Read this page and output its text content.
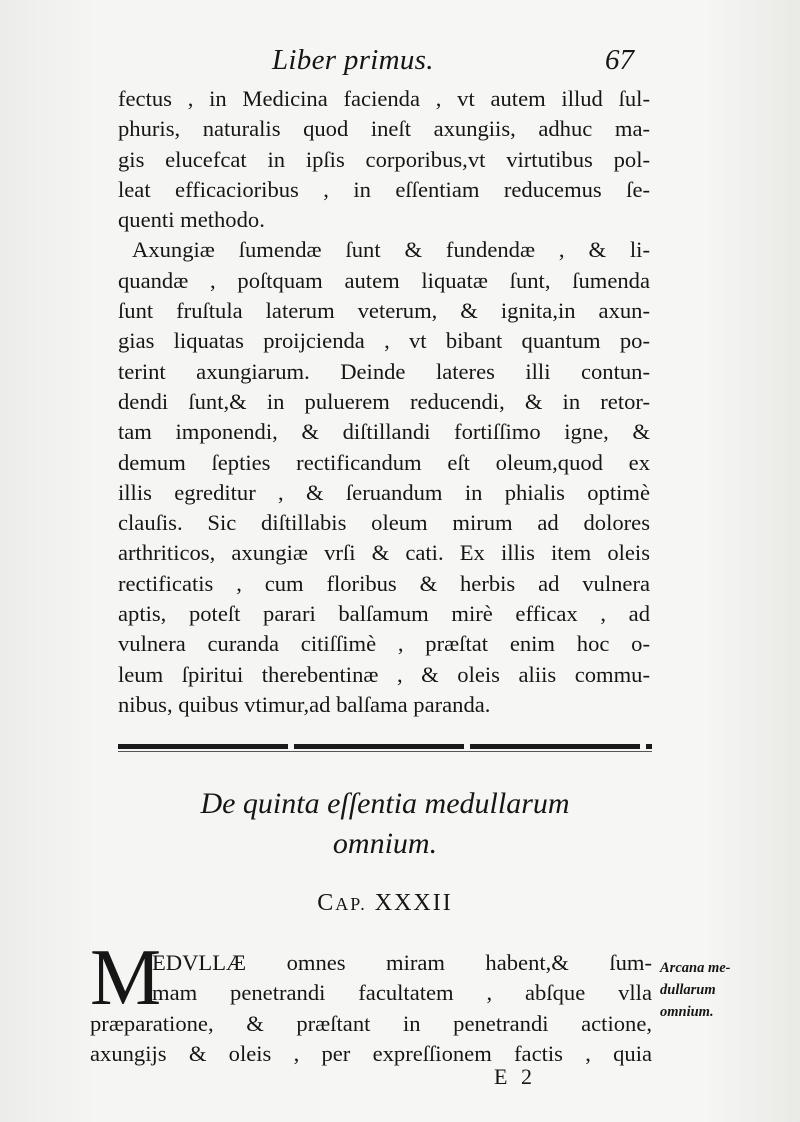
Liber primus.	67
fectus , in Medicina facienda , vt autem illud ſul-
phuris, naturalis quod ineſt axungiis, adhuc ma-
gis elucefcat in ipſis corporibus,vt virtutibus pol-
leat efficacioribus , in eſſentiam reducemus ſe-
quenti methodo.
Axungiæ ſumendæ ſunt & fundendæ , & li-
quandæ , poſtquam autem liquatæ ſunt, ſumenda
ſunt fruſtula laterum veterum, & ignita,in axun-
gias liquatas proijcienda , vt bibant quantum po-
terint axungiarum. Deinde lateres illi contun-
dendi ſunt,& in puluerem reducendi, & in retor-
tam imponendi, & diſtillandi fortiſſimo igne, &
demum ſepties rectificandum eſt oleum,quod ex
illis egreditur , & ſeruandum in phialis optimè
clauſis. Sic diſtillabis oleum mirum ad dolores
arthriticos, axungiæ vrſi & cati. Ex illis item oleis
rectificatis , cum floribus & herbis ad vulnera
aptis, poteſt parari balſamum mirè efficax , ad
vulnera curanda citiſſimè , præſtat enim hoc o-
leum ſpiritui therebentinæ , & oleis aliis commu-
nibus, quibus vtimur,ad balſama paranda.
De quinta eſſentia medullarum
omnium.
CAP. XXXII
M
EDVLLÆ omnes miram habent,& ſum-
mam penetrandi facultatem , abſque vlla
præparatione, & præſtant in penetrandi actione,
axungijs & oleis , per expreſſionem factis , quia
Arcana me-
dullarum
omnium.
E 2
